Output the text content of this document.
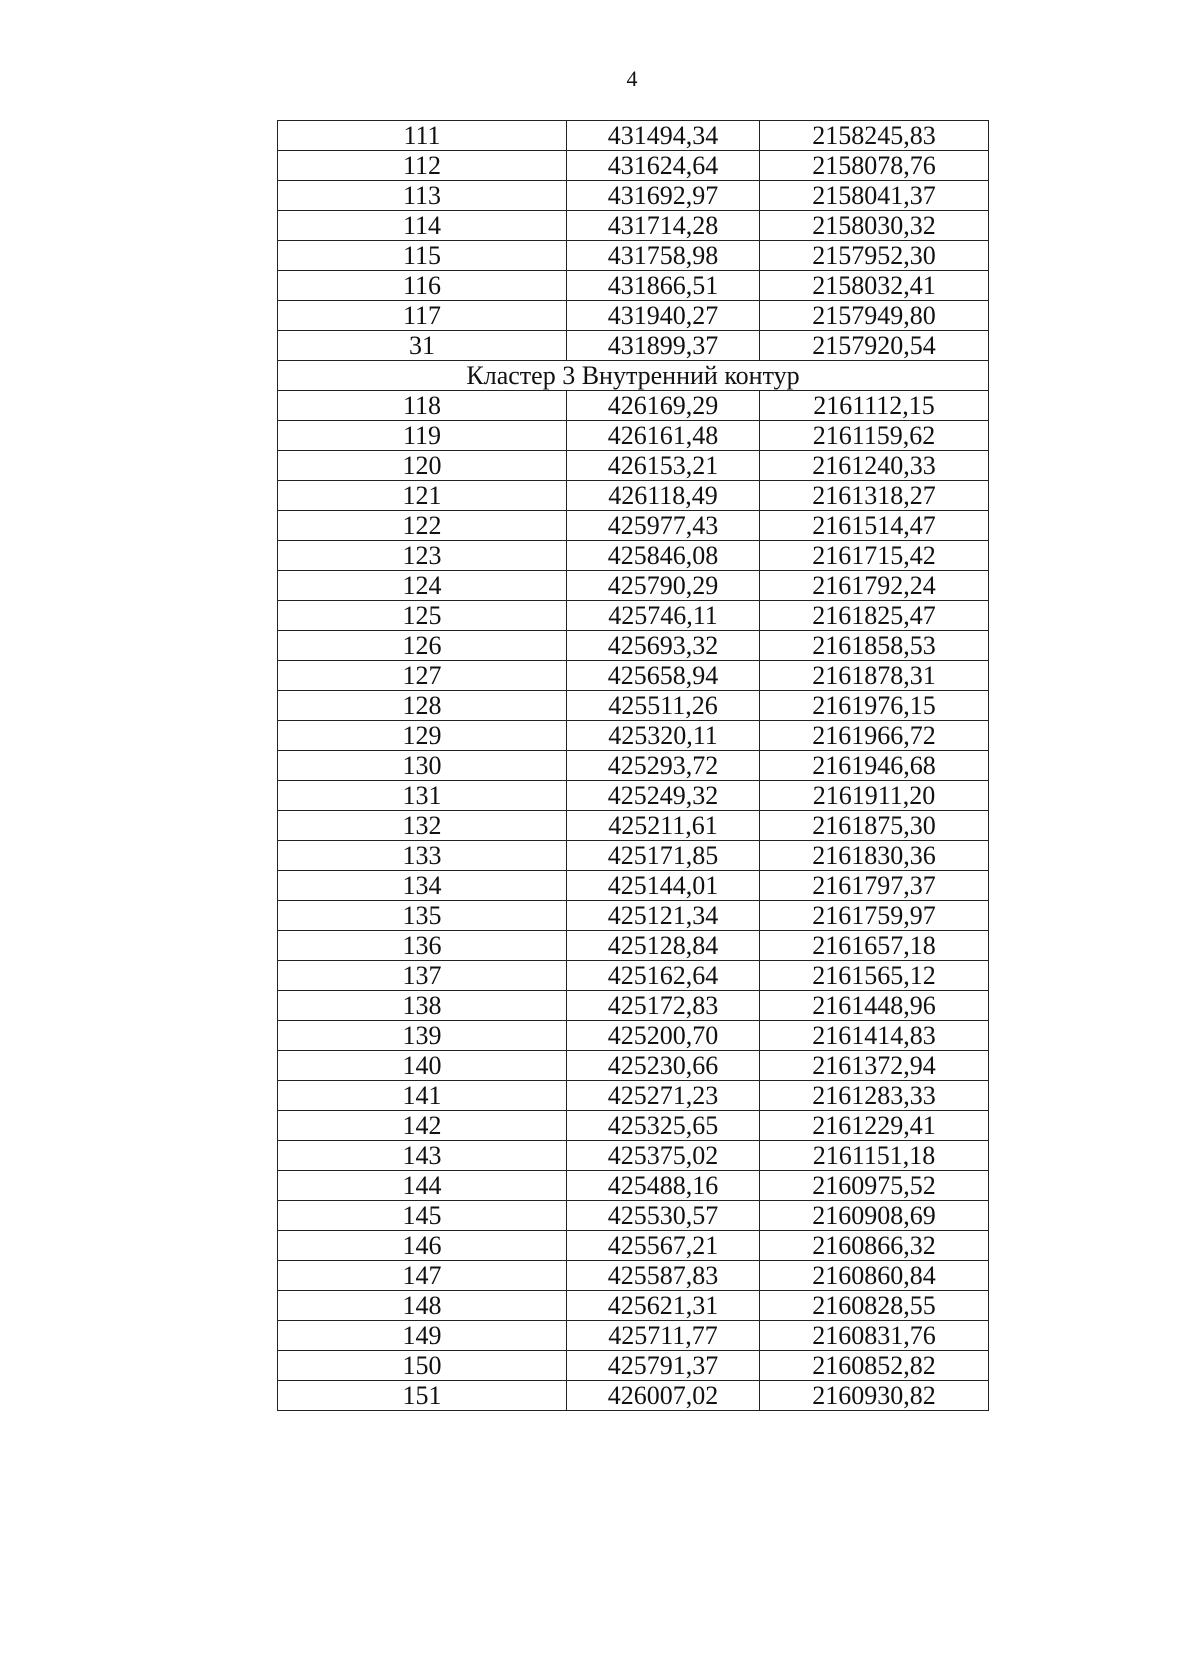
4
111	431494,34	2158245,83
112	431624,64	2158078,76
113	431692,97	2158041,37
114	431714,28	2158030,32
115	431758,98	2157952,30
116	431866,51	2158032,41
117	431940,27	2157949,80
31	431899,37	2157920,54
Кластер 3 Внутренний контур		
118	426169,29	2161112,15
119	426161,48	2161159,62
120	426153,21	2161240,33
121	426118,49	2161318,27
122	425977,43	2161514,47
123	425846,08	2161715,42
124	425790,29	2161792,24
125	425746,11	2161825,47
126	425693,32	2161858,53
127	425658,94	2161878,31
128	425511,26	2161976,15
129	425320,11	2161966,72
130	425293,72	2161946,68
131	425249,32	2161911,20
132	425211,61	2161875,30
133	425171,85	2161830,36
134	425144,01	2161797,37
135	425121,34	2161759,97
136	425128,84	2161657,18
137	425162,64	2161565,12
138	425172,83	2161448,96
139	425200,70	2161414,83
140	425230,66	2161372,94
141	425271,23	2161283,33
142	425325,65	2161229,41
143	425375,02	2161151,18
144	425488,16	2160975,52
145	425530,57	2160908,69
146	425567,21	2160866,32
147	425587,83	2160860,84
148	425621,31	2160828,55
149	425711,77	2160831,76
150	425791,37	2160852,82
151	426007,02	2160930,82
